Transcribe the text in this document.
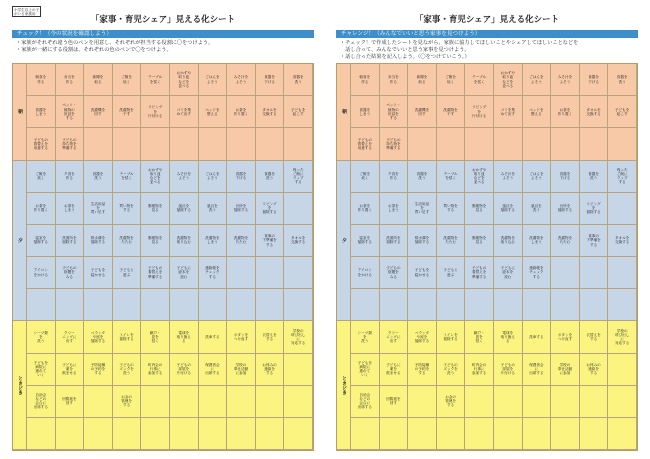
小学生以上の子
がいる家族用
「家事・育児シェア」見える化シート
チェック！（今の状況を確認しよう）
・家族がそれぞれ違う色のペンを用意し、それぞれが担当する役割に〇をつけよう。
・家族が一緒にする役割は、それぞれの色のペンで〇をつけよう。
朝
夕
ときどき
朝食を
作る
弁当を
作る
新聞を
取る
ご飯を
炊く
テーブル
を拭く
おかずや
取り皿
などを
並べる
ごはんを
よそう
みそ汁を
よそう
食器を
下げる
食器を
洗う
食器を
しまう
ペット・
植物の
世話を
する
洗濯機を
回す
洗濯物を
干す
リビング
を
片付ける
ゴミを集
めて出す
ベッドを
整える
お茶を
作り置く
タオルを
交換する
子どもを
起こす
子どもの
着替えを
用意する
子どもの
持ち物を
準備する
ご飯を
炊く
夕食を
作る
食器を
洗う
テーブル
を拭く
おかずや
取り皿
などを
並べる
みそ汁を
よそう
ごはんを
よそう
食器を
下げる
食器を
洗う
残った
ご飯に
ラップ
する
お茶を
作り置く
お茶を
しまう
生活用品
を
買い足す
買い物を
する
郵便物を
見る
風呂を
掃除する
風呂を
洗う
台所を
掃除する
リビング
を
掃除する
寝室を
掃除する
洗面所を
掃除する
排水溝を
掃除する
洗濯物を
たたむ
郵便物を
見る
洗濯物を
取り込む
洗濯物を
しまう
洗濯物を
たたむ
食事の
下準備を
する
タオルを
交換する
アイロン
をかける
子どもの
宿題を
みる
子どもを
寝かせる
子どもと
遊ぶ
子どもの
着替えを
準備する
子どもに
絵本を
読む
連絡帳を
チェック
する
シーツ類
を
洗う
クリー
ニングに
出す
ベランダ
や庭を
掃除する
トイレを
掃除する
網戸・
窓を
拭く
電球を
取り換え
る
洗車する
ボタンを
つけ直す
衣替えを
する
学校の
呼び出し
に
対応する
子どもを
病院に
連れて
いく
子どもに
薬を
飲ませる
予防接種
の予約を
する
子どもの
ズックを
洗う
町内会の
行事に
参加する
子どもの
部屋を
片付ける
保護者会
に
出席する
学校の
奉仕活動
に参加
お休みの
連絡を
する
自治会
などの
会合に
出席する
回覧板を
回す
お金の
管理を
する
「家事・育児シェア」見える化シート
チャレンジ！（みんなでいいと思う家事を見つけよう）
・チェック！で作成したシートを見ながら、家族に協力してほしいことやシェアしてほしいことなどを
　話し合って、みんなでいいと思う家事を見つけよう。
・話し合った結果を記入しよう。（〇をつけていこう。）
朝
夕
ときどき
朝食を
作る
弁当を
作る
新聞を
取る
ご飯を
炊く
テーブル
を拭く
おかずや
取り皿
などを
並べる
ごはんを
よそう
みそ汁を
よそう
食器を
下げる
食器を
洗う
食器を
しまう
ペット・
植物の
世話を
する
洗濯機を
回す
洗濯物を
干す
リビング
を
片付ける
ゴミを集
めて出す
ベッドを
整える
お茶を
作り置く
タオルを
交換する
子どもを
起こす
子どもの
着替えを
用意する
子どもの
持ち物を
準備する
ご飯を
炊く
夕食を
作る
食器を
洗う
テーブル
を拭く
おかずや
取り皿
などを
並べる
みそ汁を
よそう
ごはんを
よそう
食器を
下げる
食器を
洗う
残った
ご飯に
ラップ
する
お茶を
作り置く
お茶を
しまう
生活用品
を
買い足す
買い物を
する
郵便物を
見る
風呂を
掃除する
風呂を
洗う
台所を
掃除する
リビング
を
掃除する
寝室を
掃除する
洗面所を
掃除する
排水溝を
掃除する
洗濯物を
たたむ
郵便物を
見る
洗濯物を
取り込む
洗濯物を
しまう
洗濯物を
たたむ
食事の
下準備を
する
タオルを
交換する
アイロン
をかける
子どもの
宿題を
みる
子どもを
寝かせる
子どもと
遊ぶ
子どもの
着替えを
準備する
子どもに
絵本を
読む
連絡帳を
チェック
する
シーツ類
を
洗う
クリー
ニングに
出す
ベランダ
や庭を
掃除する
トイレを
掃除する
網戸・
窓を
拭く
電球を
取り換え
る
洗車する
ボタンを
つけ直す
衣替えを
する
学校の
呼び出し
に
対応する
子どもを
病院に
連れて
いく
子どもに
薬を
飲ませる
予防接種
の予約を
する
子どもの
ズックを
洗う
町内会の
行事に
参加する
子どもの
部屋を
片付ける
保護者会
に
出席する
学校の
奉仕活動
に参加
お休みの
連絡を
する
自治会
などの
会合に
出席する
回覧板を
回す
お金の
管理を
する
